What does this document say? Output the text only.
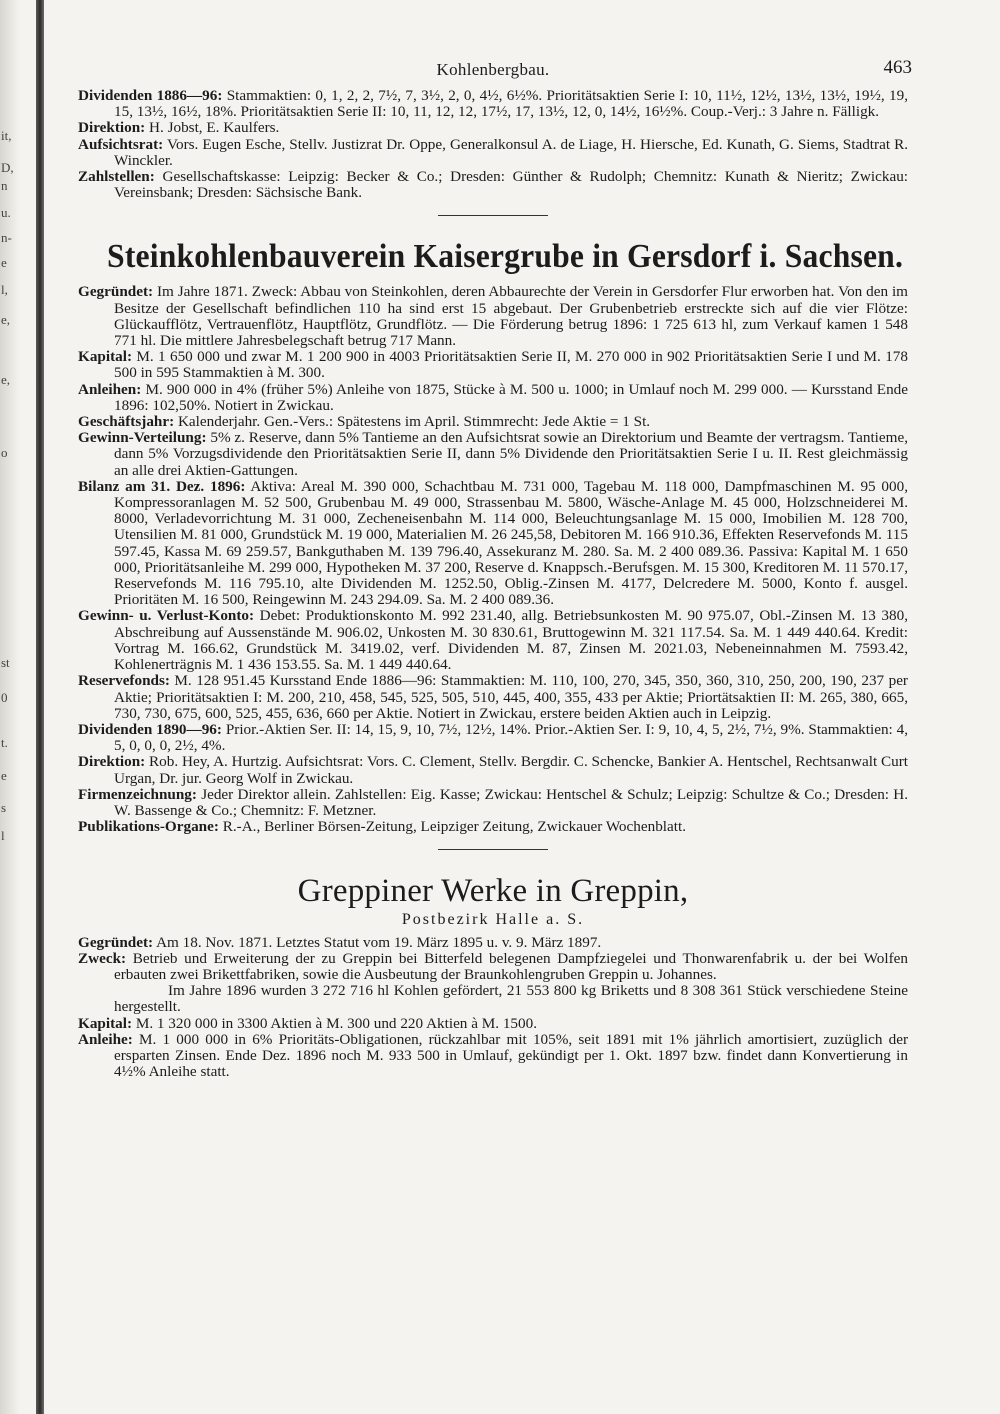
it,
D,
n
u.
n-
e
l,
e,
e,
o
st
0
t.
e
s
l
Kohlenbergbau.	463

Dividenden 1886—96: Stammaktien: 0, 1, 2, 2, 7½, 7, 3½, 2, 0, 4½, 6½%. Prioritätsaktien Serie I: 10, 11½, 12½, 13½, 13½, 19½, 19, 15, 13½, 16½, 18%. Prioritätsaktien Serie II: 10, 11, 12, 12, 17½, 17, 13½, 12, 0, 14½, 16½%. Coup.-Verj.: 3 Jahre n. Fälligk.

Direktion: H. Jobst, E. Kaulfers.

Aufsichtsrat: Vors. Eugen Esche, Stellv. Justizrat Dr. Oppe, Generalkonsul A. de Liage, H. Hiersche, Ed. Kunath, G. Siems, Stadtrat R. Winckler.

Zahlstellen: Gesellschaftskasse: Leipzig: Becker & Co.; Dresden: Günther & Rudolph; Chemnitz: Kunath & Nieritz; Zwickau: Vereinsbank; Dresden: Sächsische Bank.

Steinkohlenbauverein Kaisergrube in Gersdorf i. Sachsen.

Gegründet: Im Jahre 1871. Zweck: Abbau von Steinkohlen, deren Abbaurechte der Verein in Gersdorfer Flur erworben hat. Von den im Besitze der Gesellschaft befindlichen 110 ha sind erst 15 abgebaut. Der Grubenbetrieb erstreckte sich auf die vier Flötze: Glückaufflötz, Vertrauenflötz, Hauptflötz, Grundflötz. — Die Förderung betrug 1896: 1 725 613 hl, zum Verkauf kamen 1 548 771 hl. Die mittlere Jahresbelegschaft betrug 717 Mann.

Kapital: M. 1 650 000 und zwar M. 1 200 900 in 4003 Prioritätsaktien Serie II, M. 270 000 in 902 Prioritätsaktien Serie I und M. 178 500 in 595 Stammaktien à M. 300.

Anleihen: M. 900 000 in 4% (früher 5%) Anleihe von 1875, Stücke à M. 500 u. 1000; in Umlauf noch M. 299 000. — Kursstand Ende 1896: 102,50%. Notiert in Zwickau.

Geschäftsjahr: Kalenderjahr. Gen.-Vers.: Spätestens im April. Stimmrecht: Jede Aktie = 1 St.

Gewinn-Verteilung: 5% z. Reserve, dann 5% Tantieme an den Aufsichtsrat sowie an Direktorium und Beamte der vertragsm. Tantieme, dann 5% Vorzugsdividende den Prioritätsaktien Serie II, dann 5% Dividende den Prioritätsaktien Serie I u. II. Rest gleichmässig an alle drei Aktien-Gattungen.

Bilanz am 31. Dez. 1896: Aktiva: Areal M. 390 000, Schachtbau M. 731 000, Tagebau M. 118 000, Dampfmaschinen M. 95 000, Kompressoranlagen M. 52 500, Grubenbau M. 49 000, Strassenbau M. 5800, Wäsche-Anlage M. 45 000, Holzschneiderei M. 8000, Verladevorrichtung M. 31 000, Zecheneisenbahn M. 114 000, Beleuchtungsanlage M. 15 000, Imobilien M. 128 700, Utensilien M. 81 000, Grundstück M. 19 000, Materialien M. 26 245,58, Debitoren M. 166 910.36, Effekten Reservefonds M. 115 597.45, Kassa M. 69 259.57, Bankguthaben M. 139 796.40, Assekuranz M. 280. Sa. M. 2 400 089.36. Passiva: Kapital M. 1 650 000, Prioritätsanleihe M. 299 000, Hypotheken M. 37 200, Reserve d. Knappsch.-Berufsgen. M. 15 300, Kreditoren M. 11 570.17, Reservefonds M. 116 795.10, alte Dividenden M. 1252.50, Oblig.-Zinsen M. 4177, Delcredere M. 5000, Konto f. ausgel. Prioritäten M. 16 500, Reingewinn M. 243 294.09. Sa. M. 2 400 089.36.

Gewinn- u. Verlust-Konto: Debet: Produktionskonto M. 992 231.40, allg. Betriebsunkosten M. 90 975.07, Obl.-Zinsen M. 13 380, Abschreibung auf Aussenstände M. 906.02, Unkosten M. 30 830.61, Bruttogewinn M. 321 117.54. Sa. M. 1 449 440.64. Kredit: Vortrag M. 166.62, Grundstück M. 3419.02, verf. Dividenden M. 87, Zinsen M. 2021.03, Nebeneinnahmen M. 7593.42, Kohlenerträgnis M. 1 436 153.55. Sa. M. 1 449 440.64.

Reservefonds: M. 128 951.45 Kursstand Ende 1886—96: Stammaktien: M. 110, 100, 270, 345, 350, 360, 310, 250, 200, 190, 237 per Aktie; Prioritätsaktien I: M. 200, 210, 458, 545, 525, 505, 510, 445, 400, 355, 433 per Aktie; Priortätsaktien II: M. 265, 380, 665, 730, 730, 675, 600, 525, 455, 636, 660 per Aktie. Notiert in Zwickau, erstere beiden Aktien auch in Leipzig.

Dividenden 1890—96: Prior.-Aktien Ser. II: 14, 15, 9, 10, 7½, 12½, 14%. Prior.-Aktien Ser. I: 9, 10, 4, 5, 2½, 7½, 9%. Stammaktien: 4, 5, 0, 0, 0, 2½, 4%.

Direktion: Rob. Hey, A. Hurtzig. Aufsichtsrat: Vors. C. Clement, Stellv. Bergdir. C. Schencke, Bankier A. Hentschel, Rechtsanwalt Curt Urgan, Dr. jur. Georg Wolf in Zwickau.

Firmenzeichnung: Jeder Direktor allein. Zahlstellen: Eig. Kasse; Zwickau: Hentschel & Schulz; Leipzig: Schultze & Co.; Dresden: H. W. Bassenge & Co.; Chemnitz: F. Metzner.

Publikations-Organe: R.-A., Berliner Börsen-Zeitung, Leipziger Zeitung, Zwickauer Wochenblatt.

Greppiner Werke in Greppin,
Postbezirk Halle a. S.

Gegründet: Am 18. Nov. 1871. Letztes Statut vom 19. März 1895 u. v. 9. März 1897.

Zweck: Betrieb und Erweiterung der zu Greppin bei Bitterfeld belegenen Dampfziegelei und Thonwarenfabrik u. der bei Wolfen erbauten zwei Brikettfabriken, sowie die Ausbeutung der Braunkohlengruben Greppin u. Johannes.

Im Jahre 1896 wurden 3 272 716 hl Kohlen gefördert, 21 553 800 kg Briketts und 8 308 361 Stück verschiedene Steine hergestellt.

Kapital: M. 1 320 000 in 3300 Aktien à M. 300 und 220 Aktien à M. 1500.

Anleihe: M. 1 000 000 in 6% Prioritäts-Obligationen, rückzahlbar mit 105%, seit 1891 mit 1% jährlich amortisiert, zuzüglich der ersparten Zinsen. Ende Dez. 1896 noch M. 933 500 in Umlauf, gekündigt per 1. Okt. 1897 bzw. findet dann Konvertierung in 4½% Anleihe statt.
